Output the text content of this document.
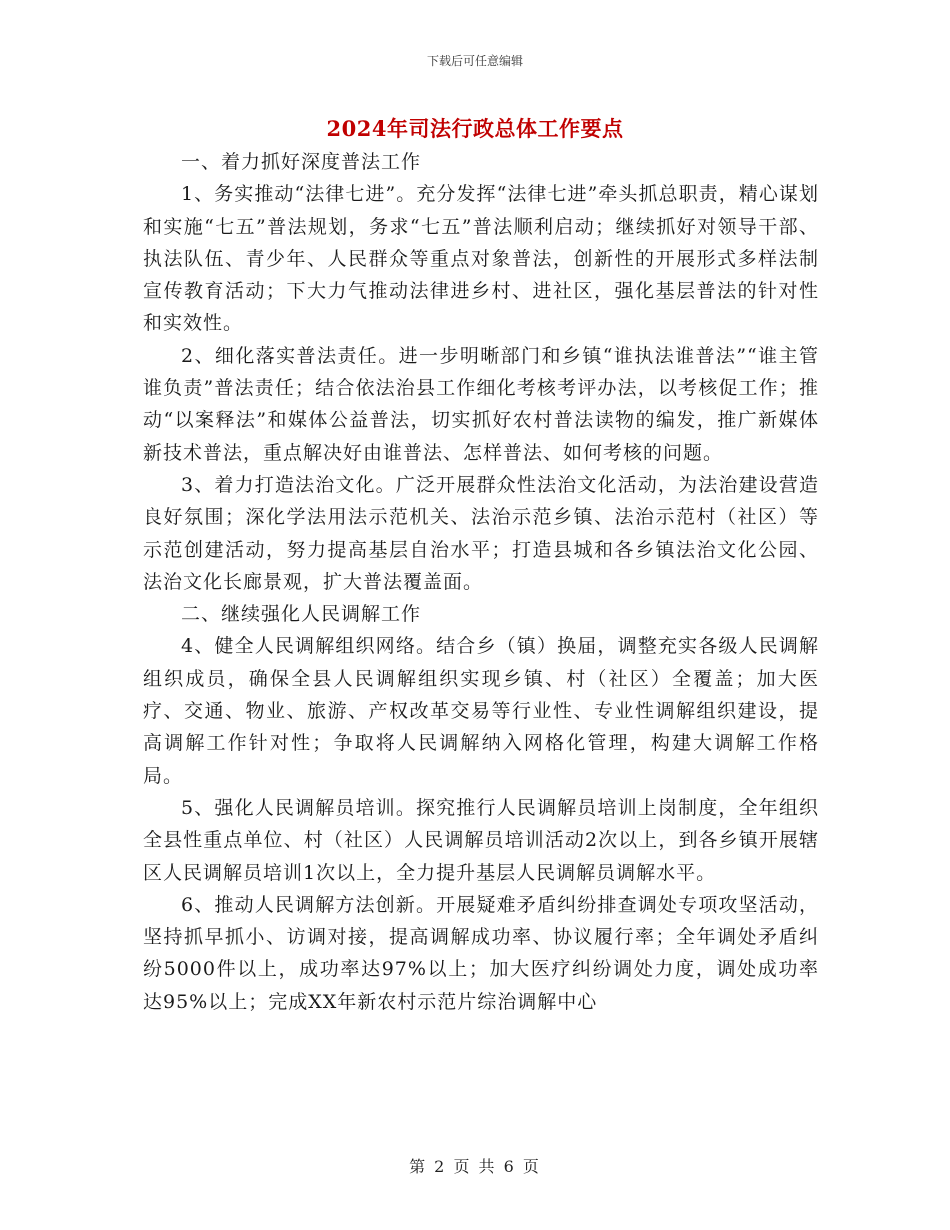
下载后可任意编辑
2024年司法行政总体工作要点

一、着力抓好深度普法工作

1、务实推动“法律七进”。充分发挥“法律七进”牵头抓总职责，精心谋划和实施“七五”普法规划，务求“七五”普法顺利启动；继续抓好对领导干部、执法队伍、青少年、人民群众等重点对象普法，创新性的开展形式多样法制宣传教育活动；下大力气推动法律进乡村、进社区，强化基层普法的针对性和实效性。

2、细化落实普法责任。进一步明晰部门和乡镇“谁执法谁普法”“谁主管谁负责”普法责任；结合依法治县工作细化考核考评办法，以考核促工作；推动“以案释法”和媒体公益普法，切实抓好农村普法读物的编发，推广新媒体新技术普法，重点解决好由谁普法、怎样普法、如何考核的问题。

3、着力打造法治文化。广泛开展群众性法治文化活动，为法治建设营造良好氛围；深化学法用法示范机关、法治示范乡镇、法治示范村（社区）等示范创建活动，努力提高基层自治水平；打造县城和各乡镇法治文化公园、法治文化长廊景观，扩大普法覆盖面。

二、继续强化人民调解工作

4、健全人民调解组织网络。结合乡（镇）换届，调整充实各级人民调解组织成员，确保全县人民调解组织实现乡镇、村（社区）全覆盖；加大医疗、交通、物业、旅游、产权改革交易等行业性、专业性调解组织建设，提高调解工作针对性；争取将人民调解纳入网格化管理，构建大调解工作格局。

5、强化人民调解员培训。探究推行人民调解员培训上岗制度，全年组织全县性重点单位、村（社区）人民调解员培训活动2次以上，到各乡镇开展辖区人民调解员培训1次以上，全力提升基层人民调解员调解水平。

6、推动人民调解方法创新。开展疑难矛盾纠纷排查调处专项攻坚活动，坚持抓早抓小、访调对接，提高调解成功率、协议履行率；全年调处矛盾纠纷5000件以上，成功率达97%以上；加大医疗纠纷调处力度，调处成功率达95%以上；完成XX年新农村示范片综治调解中心

第 2 页 共 6 页
